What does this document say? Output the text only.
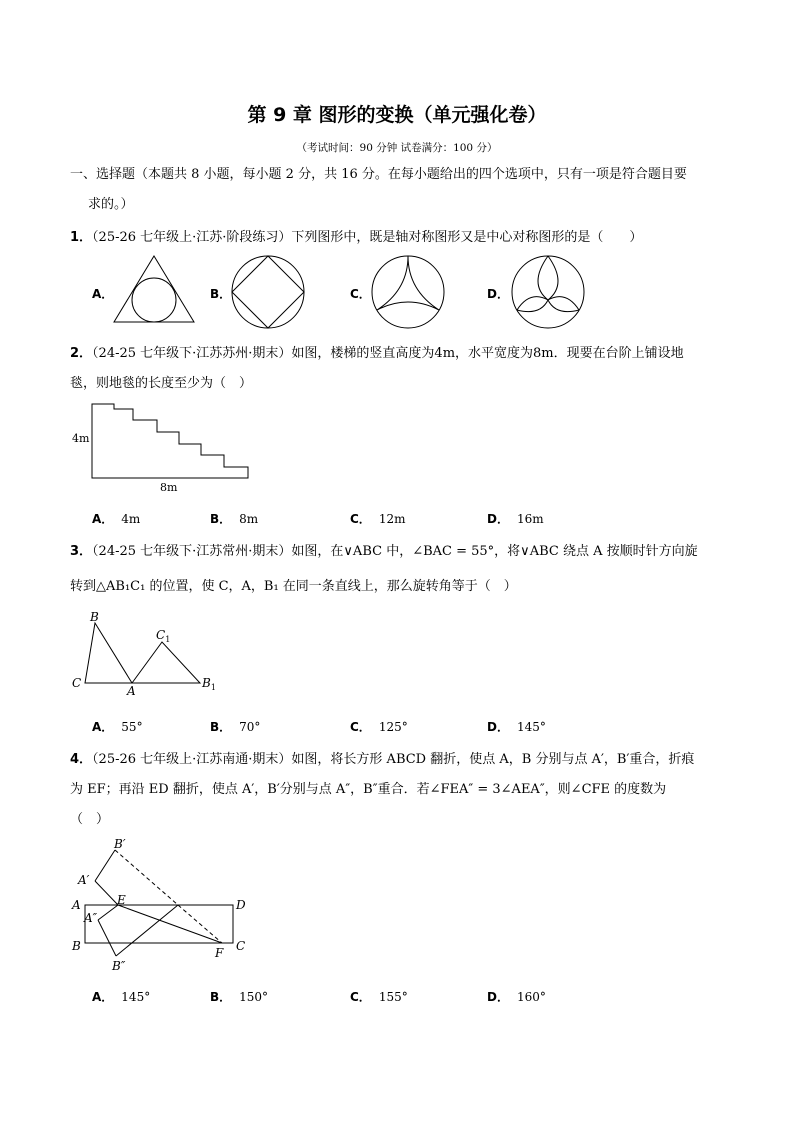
第 9 章 图形的变换（单元强化卷）
（考试时间：90 分钟 试卷满分：100 分）
一、选择题（本题共 8 小题，每小题 2 分，共 16 分。在每小题给出的四个选项中，只有一项是符合题目要
求的。）
1．（25-26 七年级上·江苏·阶段练习）下列图形中，既是轴对称图形又是中心对称图形的是（　　）
A．	B．	C．	D．
2．（24-25 七年级下·江苏苏州·期末）如图，楼梯的竖直高度为4m，水平宽度为8m．现要在台阶上铺设地
毯，则地毯的长度至少为（　）
4m
8m
A． 4m	B． 8m	C． 12m	D． 16m
3．（24-25 七年级下·江苏常州·期末）如图，在∨ABC 中，∠BAC = 55°，将∨ABC 绕点 A 按顺时针方向旋
转到△AB₁C₁ 的位置，使 C，A，B₁ 在同一条直线上，那么旋转角等于（　）
B
$C_1$
C
A
$B_1$
A． 55°	B． 70°	C． 125°	D． 145°
4．（25-26 七年级上·江苏南通·期末）如图，将长方形 ABCD 翻折，使点 A，B 分别与点 A′，B′重合，折痕
为 EF；再沿 ED 翻折，使点 A′，B′分别与点 A″，B″重合．若∠FEA″ = 3∠AEA″，则∠CFE 的度数为
（　）
B′
A′
A	E	D
A″
B	F C
B″
A． 145°	B． 150°	C． 155°	D． 160°
